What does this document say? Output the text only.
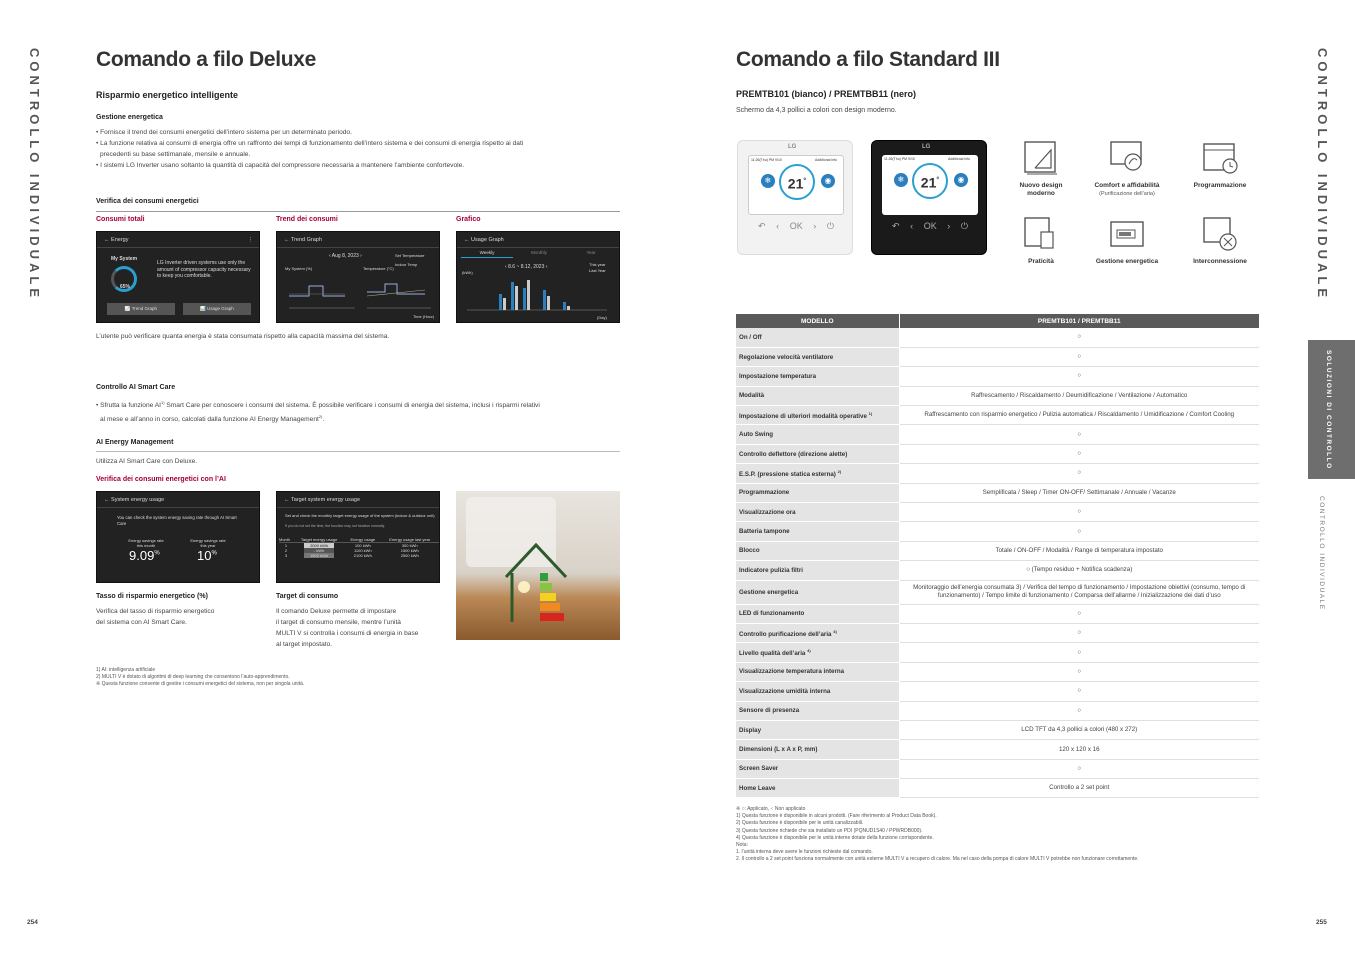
CONTROLLO INDIVIDUALE	Comando a filo Deluxe
Risparmio energetico intelligente
Gestione energetica
• Fornisce il trend dei consumi energetici dell’intero sistema per un determinato periodo.
• La funzione relativa ai consumi di energia offre un raffronto dei tempi di funzionamento dell’intero sistema e dei consumi di energia rispetto ai dati
precedenti su base settimanale, mensile e annuale.
• I sistemi LG Inverter usano soltanto la quantità di capacità del compressore necessaria a mantenere l’ambiente confortevole.
Verifica dei consumi energetici
Consumi totali	Trend dei consumi	Grafico
← Energy	⋮
My System
LG Inverter driven systems use only the amount of compressor capacity necessary to keep you comfortable.
65%
📈 Trend Graph	📊 Usage Graph
← Trend Graph
‹ Aug 8, 2023 ›	Set Temperature
Indoor Temp
My System (%)	Temperature (°C)
Time (Hour)
← Usage Graph
Weekly	Monthly	Year
‹ 8.6 ~ 8.12, 2023 ›	This year
Last Year
(kWh)
(Day)
L’utente può verificare quanta energia è stata consumata rispetto alla capacità massima del sistema.
Controllo AI Smart Care
• Sfrutta la funzione AI$^{1)}$ Smart Care per conoscere i consumi del sistema. È possibile verificare i consumi di energia del sistema, inclusi i risparmi relativi
al mese e all’anno in corso, calcolati dalla funzione AI Energy Management$^{2)}$.
AI Energy Management
Utilizza AI Smart Care con Deluxe.
Verifica dei consumi energetici con l’AI
← System energy usage
You can check the system energy saving rate through AI Smart Care
Energy savings rate this month
Energy savings rate this year
9.09%	10%
← Target system energy usage
Set and check the monthly target energy usage of the system (indoor & outdoor unit)
If you do not set the time, the function may not function normally.
Month	Target energy usage	Energy usage	Energy usage last year
1	2000 kWh	100 kWh	300 kWh
2	- kWh	1100 kWh	1500 kWh
3	1500 kWh	2100 kWh	2500 kWh
Tasso di risparmio energetico (%)
Verifica del tasso di risparmio energetico
del sistema con AI Smart Care.
Target di consumo
Il comando Deluxe permette di impostare
il target di consumo mensile, mentre l’unità
MULTI V si controlla i consumi di energia in base
al target impostato.
1) AI: intelligenza artificiale
2) MULTI V è dotato di algoritmi di deep learning che consentono l’auto-apprendimento.
※ Questa funzione consente di gestire i consumi energetici del sistema, non per singola unità.
254
Comando a filo Standard III
PREMTB101 (bianco) / PREMTBB11 (nero)
Schermo da 4,3 pollici a colori con design moderno.
LG
11:26(Thu) PM 9/10	Additional info
❄	21°	◉
↶ ‹ OK › ⏻
LG
11:26(Thu) PM 9/10	Additional info
❄	21°	◉
↶ ‹ OK › ⏻
Nuovo design moderno
Comfort e affidabilità
(Purificazione dell’aria)
Programmazione
Praticità	Gestione energetica	Interconnessione
MODELLO	PREMTB101 / PREMTBB11
On / Off	○
Regolazione velocità ventilatore	○
Impostazione temperatura	○
Modalità	Raffrescamento / Riscaldamento / Deumidificazione / Ventilazione / Automatico
Impostazione di ulteriori modalità operative $^{1)}$	Raffrescamento con risparmio energetico / Pulizia automatica / Riscaldamento / Umidificazione / Comfort Cooling
Auto Swing	○
Controllo deflettore (direzione alette)	○
E.S.P. (pressione statica esterna) $^{2)}$	○
Programmazione	Semplificata / Sleep / Timer ON-OFF/ Settimanale / Annuale / Vacanze
Visualizzazione ora	○
Batteria tampone	○
Blocco	Totale / ON-OFF / Modalità / Range di temperatura impostato
Indicatore pulizia filtri	○ (Tempo residuo + Notifica scadenza)
Gestione energetica	Monitoraggio dell’energia consumata 3) / Verifica del tempo di funzionamento / Impostazione obiettivi (consumo, tempo di funzionamento) / Tempo limite di funzionamento / Comparsa dell’allarme / Inizializzazione dei dati d’uso
LED di funzionamento	○
Controllo purificazione dell’aria $^{4)}$	○
Livello qualità dell’aria $^{4)}$	○
Visualizzazione temperatura interna	○
Visualizzazione umidità interna	○
Sensore di presenza	○
Display	LCD TFT da 4,3 pollici a colori (480 x 272)
Dimensioni (L x A x P, mm)	120 x 120 x 16
Screen Saver	○
Home Leave	Controllo a 2 set point
※ ○: Applicato, -: Non applicato
1) Questa funzione è disponibile in alcuni prodotti. (Fare riferimento al Product Data Book).
2) Questa funzione è disponibile per le unità canalizzabili.
3) Questa funzione richiede che sia installato un PDI (PQNUD1S40 / PPWRDB000).
4) Questa funzione è disponibile per le unità interne dotate della funzione corrispondente.
Nota:
1. l’unità interna deve avere le funzioni richieste dal comando.
2. Il controllo a 2 set point funziona normalmente con unità esterne MULTI V a recupero di calore. Ma nel caso della pompa di calore MULTI V potrebbe non funzionare correttamente.
255
CONTROLLO INDIVIDUALE
SOLUZIONI DI CONTROLLO
CONTROLLO INDIVIDUALE
